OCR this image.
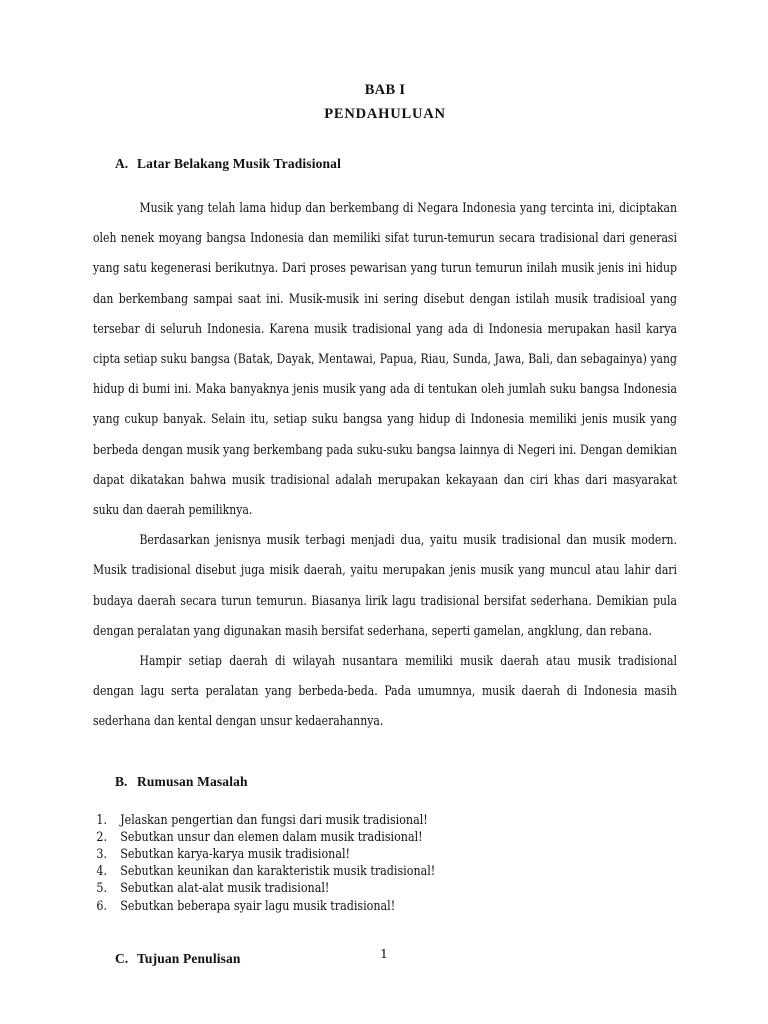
BAB I
PENDAHULUAN
A. Latar Belakang Musik Tradisional

Musik yang telah lama hidup dan berkembang di Negara Indonesia yang tercinta ini, diciptakan oleh nenek moyang bangsa Indonesia dan memiliki sifat turun-temurun secara tradisional dari generasi yang satu kegenerasi berikutnya. Dari proses pewarisan yang turun temurun inilah musik jenis ini hidup dan berkembang sampai saat ini. Musik-musik ini sering disebut dengan istilah musik tradisioal yang tersebar di seluruh Indonesia. Karena musik tradisional yang ada di Indonesia merupakan hasil karya cipta setiap suku bangsa (Batak, Dayak, Mentawai, Papua, Riau, Sunda, Jawa, Bali, dan sebagainya) yang hidup di bumi ini. Maka banyaknya jenis musik yang ada di tentukan oleh jumlah suku bangsa Indonesia yang cukup banyak. Selain itu, setiap suku bangsa yang hidup di Indonesia memiliki jenis musik yang berbeda dengan musik yang berkembang pada suku-suku bangsa lainnya di Negeri ini. Dengan demikian dapat dikatakan bahwa musik tradisional adalah merupakan kekayaan dan ciri khas dari masyarakat suku dan daerah pemiliknya.

Berdasarkan jenisnya musik terbagi menjadi dua, yaitu musik tradisional dan musik modern. Musik tradisional disebut juga misik daerah, yaitu merupakan jenis musik yang muncul atau lahir dari budaya daerah secara turun temurun. Biasanya lirik lagu tradisional bersifat sederhana. Demikian pula dengan peralatan yang digunakan masih bersifat sederhana, seperti gamelan, angklung, dan rebana.

Hampir setiap daerah di wilayah nusantara memiliki musik daerah atau musik tradisional dengan lagu serta peralatan yang berbeda-beda. Pada umumnya, musik daerah di Indonesia masih sederhana dan kental dengan unsur kedaerahannya.

B. Rumusan Masalah
1.	Jelaskan pengertian dan fungsi dari musik tradisional!
2.	Sebutkan unsur dan elemen dalam musik tradisional!
3.	Sebutkan karya-karya musik tradisional!
4.	Sebutkan keunikan dan karakteristik musik tradisional!
5.	Sebutkan alat-alat musik tradisional!
6.	Sebutkan beberapa syair lagu musik tradisional!
C. Tujuan Penulisan	1
